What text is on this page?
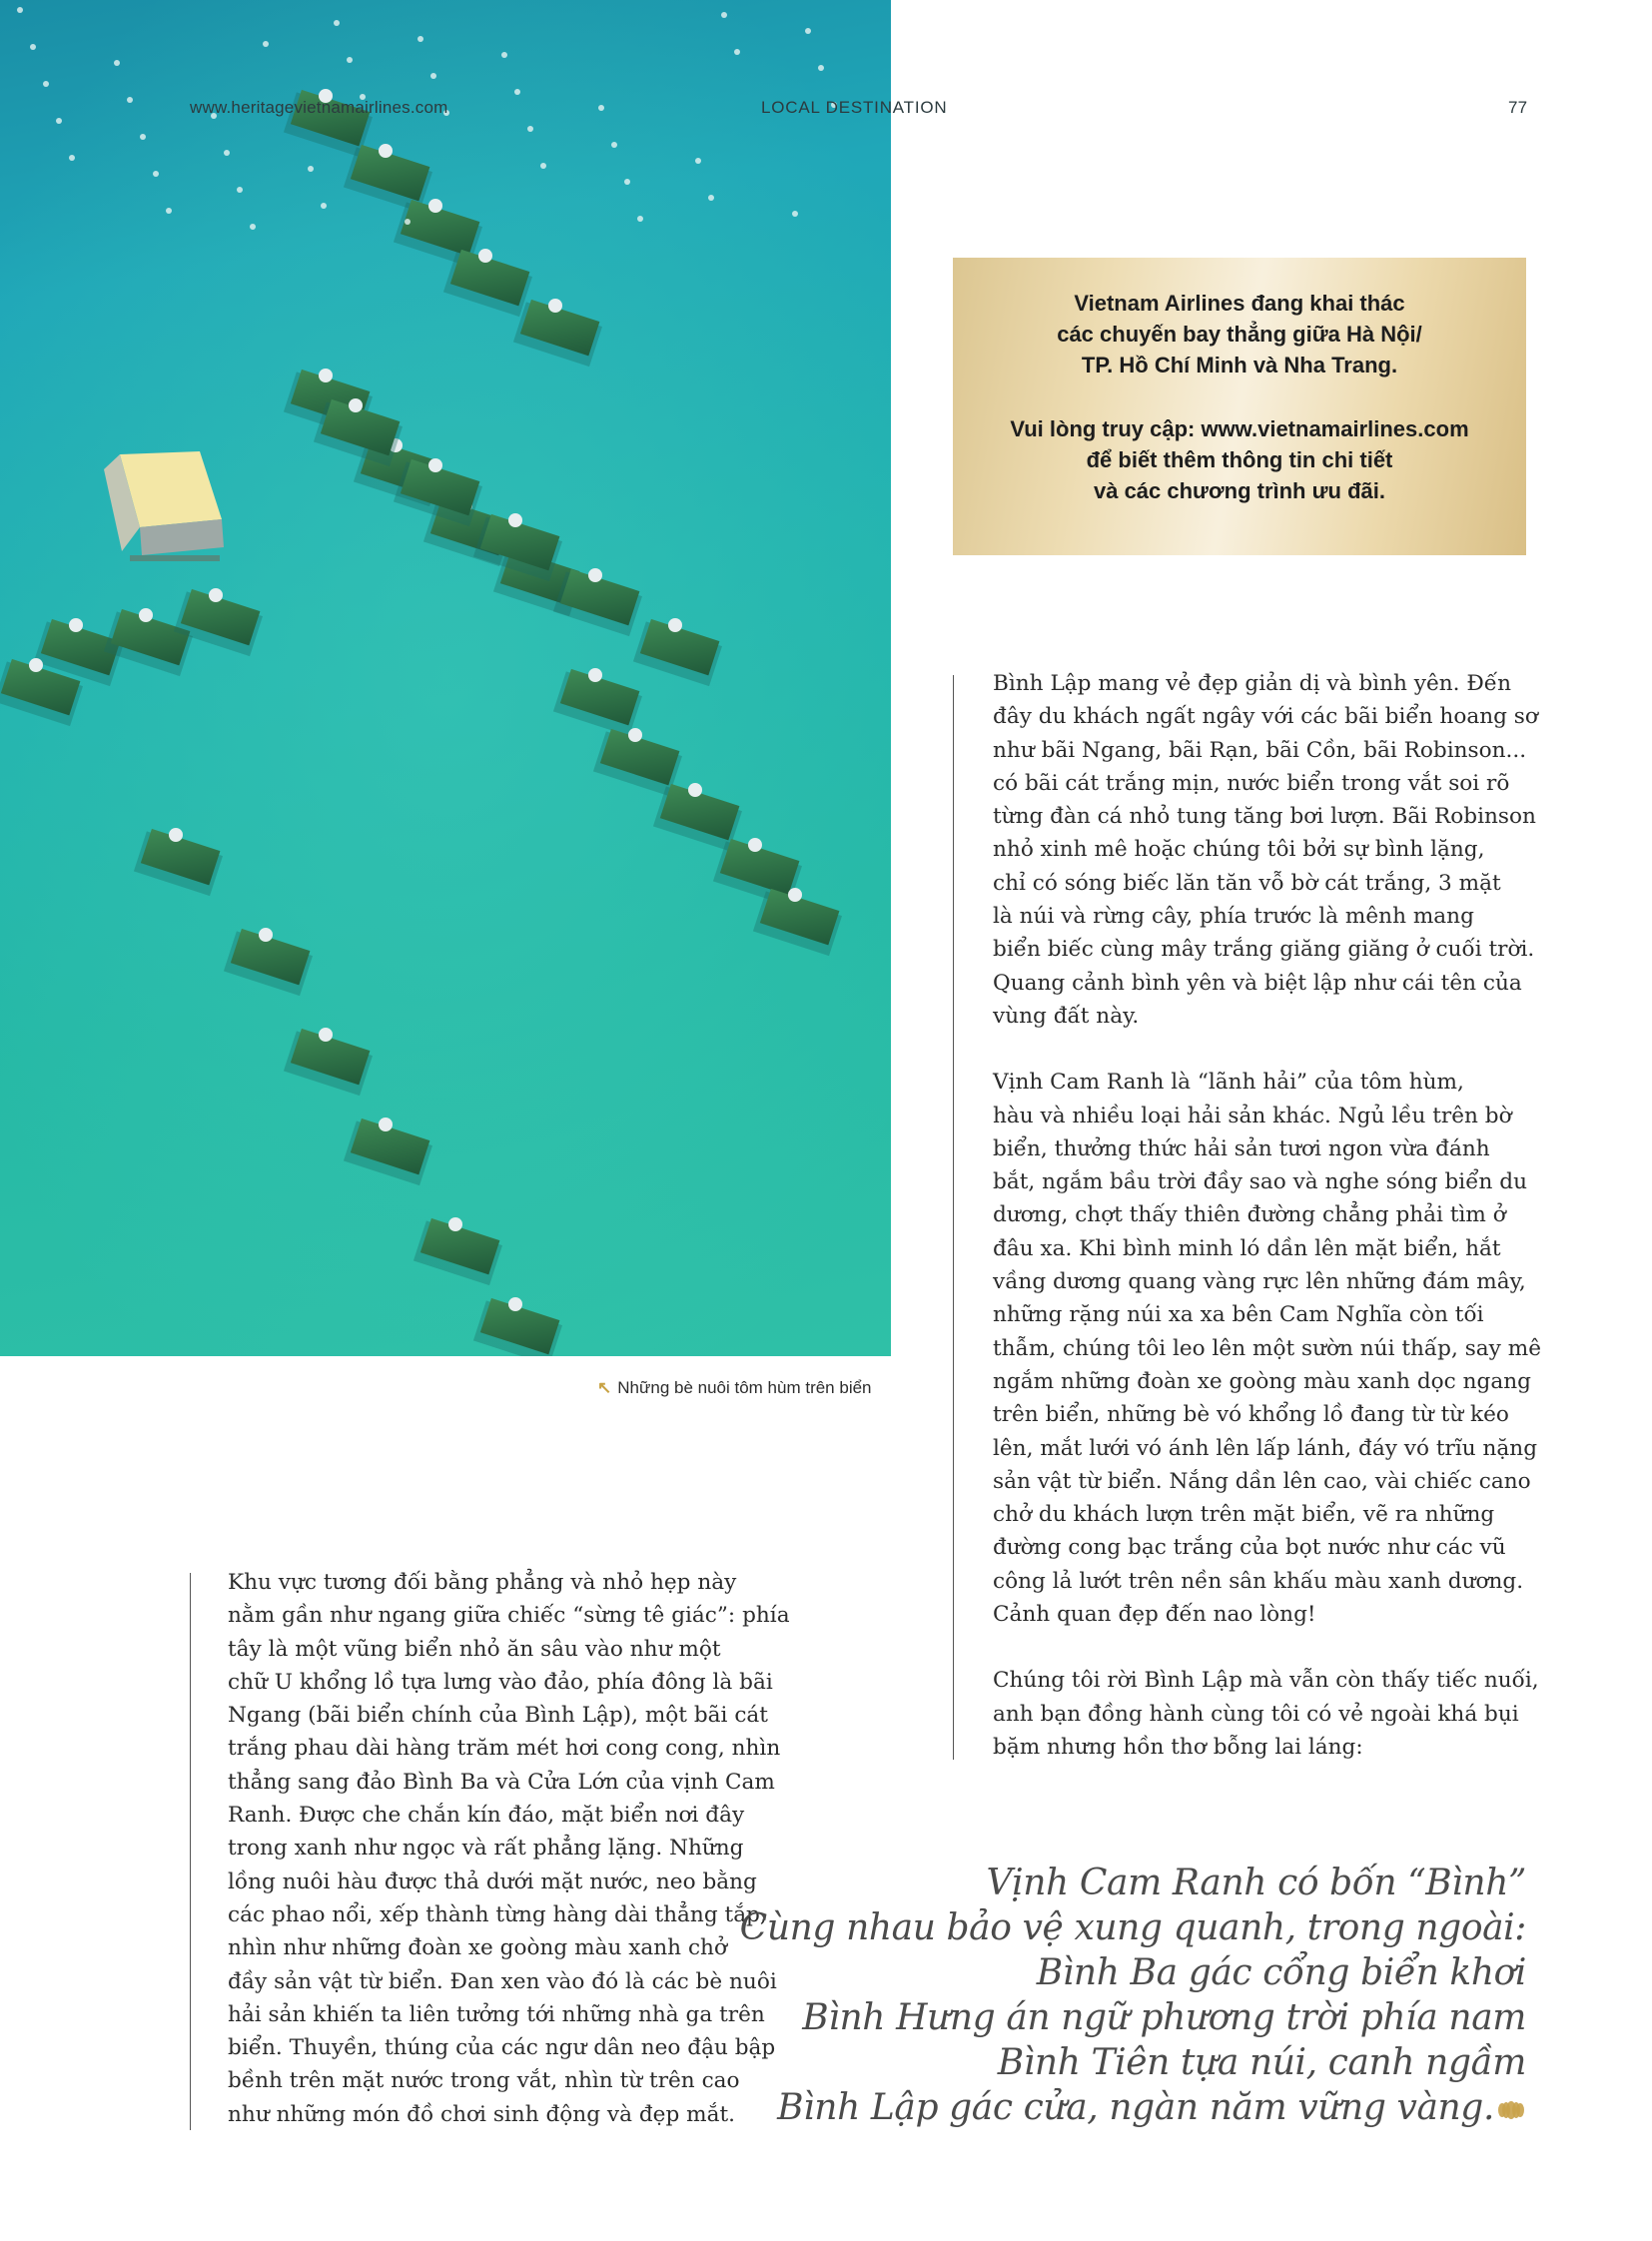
www.heritagevietnamairlines.com	LOCAL DESTINATION	77

Vietnam Airlines đang khai thác

các chuyến bay thẳng giữa Hà Nội/

TP. Hồ Chí Minh và Nha Trang.

Vui lòng truy cập: www.vietnamairlines.com

để biết thêm thông tin chi tiết

và các chương trình ưu đãi.

↖ Những bè nuôi tôm hùm trên biển
Bình Lập mang vẻ đẹp giản dị và bình yên. Đến
đây du khách ngất ngây với các bãi biển hoang sơ
như bãi Ngang, bãi Rạn, bãi Cồn, bãi Robinson...
có bãi cát trắng mịn, nước biển trong vắt soi rõ
từng đàn cá nhỏ tung tăng bơi lượn. Bãi Robinson
nhỏ xinh mê hoặc chúng tôi bởi sự bình lặng,
chỉ có sóng biếc lăn tăn vỗ bờ cát trắng, 3 mặt
là núi và rừng cây, phía trước là mênh mang
biển biếc cùng mây trắng giăng giăng ở cuối trời.
Quang cảnh bình yên và biệt lập như cái tên của
vùng đất này.
Vịnh Cam Ranh là “lãnh hải” của tôm hùm,
hàu và nhiều loại hải sản khác. Ngủ lều trên bờ
biển, thưởng thức hải sản tươi ngon vừa đánh
bắt, ngắm bầu trời đầy sao và nghe sóng biển du
dương, chợt thấy thiên đường chẳng phải tìm ở
đâu xa. Khi bình minh ló dần lên mặt biển, hắt
vầng dương quang vàng rực lên những đám mây,
những rặng núi xa xa bên Cam Nghĩa còn tối
thẫm, chúng tôi leo lên một sườn núi thấp, say mê
ngắm những đoàn xe goòng màu xanh dọc ngang
trên biển, những bè vó khổng lồ đang từ từ kéo
lên, mắt lưới vó ánh lên lấp lánh, đáy vó trĩu nặng
sản vật từ biển. Nắng dần lên cao, vài chiếc cano
chở du khách lượn trên mặt biển, vẽ ra những
đường cong bạc trắng của bọt nước như các vũ
công lả lướt trên nền sân khấu màu xanh dương.
Cảnh quan đẹp đến nao lòng!
Chúng tôi rời Bình Lập mà vẫn còn thấy tiếc nuối,
anh bạn đồng hành cùng tôi có vẻ ngoài khá bụi
bặm nhưng hồn thơ bỗng lai láng:
Khu vực tương đối bằng phẳng và nhỏ hẹp này
nằm gần như ngang giữa chiếc “sừng tê giác”: phía
tây là một vũng biển nhỏ ăn sâu vào như một
chữ U khổng lồ tựa lưng vào đảo, phía đông là bãi
Ngang (bãi biển chính của Bình Lập), một bãi cát
trắng phau dài hàng trăm mét hơi cong cong, nhìn
thẳng sang đảo Bình Ba và Cửa Lớn của vịnh Cam
Ranh. Được che chắn kín đáo, mặt biển nơi đây
trong xanh như ngọc và rất phẳng lặng. Những
lồng nuôi hàu được thả dưới mặt nước, neo bằng
các phao nổi, xếp thành từng hàng dài thẳng tắp,
nhìn như những đoàn xe goòng màu xanh chở
đầy sản vật từ biển. Đan xen vào đó là các bè nuôi
hải sản khiến ta liên tưởng tới những nhà ga trên
biển. Thuyền, thúng của các ngư dân neo đậu bập
bềnh trên mặt nước trong vắt, nhìn từ trên cao
như những món đồ chơi sinh động và đẹp mắt.
Vịnh Cam Ranh có bốn “Bình”
Cùng nhau bảo vệ xung quanh, trong ngoài:
Bình Ba gác cổng biển khơi
Bình Hưng án ngữ phương trời phía nam
Bình Tiên tựa núi, canh ngầm
Bình Lập gác cửa, ngàn năm vững vàng.
